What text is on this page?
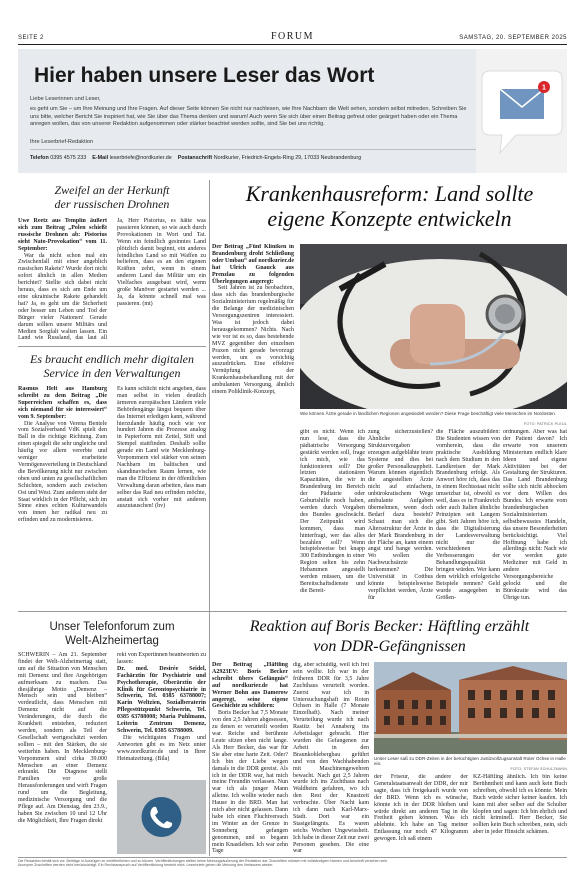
SEITE 2	FORUM	SAMSTAG, 20. SEPTEMBER 2025
Hier haben unsere Leser das Wort
Liebe Leserinnen und Leser,
es geht um Sie – um Ihre Meinung und Ihre Fragen. Auf dieser Seite können Sie nicht nur nachlesen, wie Ihre Nachbarn die Welt sehen, sondern selbst mitreden. Schreiben Sie uns bitte, welcher Bericht Sie inspiriert hat, wie Sie über das Thema denken und warum! Auch wenn Sie sich über einen Beitrag gefreut oder geärgert haben oder ein Thema anregen wollen, das von unserer Redaktion aufgenommen oder stärker beachtet werden sollte, sind Sie bei uns richtig.
Ihre Leserbrief-Redaktion
Telefon 0395 4575 233 E-Mail leserbriefe@nordkurier.de Postanschrift Nordkurier, Friedrich-Engels-Ring 29, 17033 Neubrandenburg
1
Zweifel an der Herkunft
der russischen Drohnen

Uwe Reetz aus Templin äußert sich zum Beitrag „Polen schießt russische Drohnen ab: Pistorius sieht Nato-Provokation“ vom 11. September:

War da nicht schon mal ein Zwischenfall mit einer angeblich russischen Rakete? Wurde dort nicht sofort ähnlich in allen Medien berichtet? Stellte sich dabei nicht heraus, dass es sich am Ende um eine ukrainische Rakete gehandelt hat? Ja, es geht um die Sicherheit oder besser um Leben und Tod der Bürger vieler Nationen! Gerade darum sollten unsere Militärs und Medien Sorgfalt walten lassen. Ein Land wie Russland, das laut all

Ja, Herr Pistorius, es hätte was passieren können, so wie auch durch Provokationen in Wort und Tat. Wenn ein feindlich gesinntes Land plötzlich damit beginnt, ein anderes feindliches Land so mit Waffen zu beliefern, dass es an den eigenen Kräften zehrt, wenn in einem anderen Land das Militär um ein Vielfaches ausgebaut wird, wenn große Manöver gestartet werden ... Ja, da könnte schnell mal was passieren. (mt)

Es braucht endlich mehr digitalen
Service in den Verwaltungen

Rasmus Helt aus Hamburg schreibt zu dem Beitrag „Die Superreichen schaffen es, dass sich niemand für sie interessiert“ vom 9. September:

Die Analyse von Verena Bentele vom Sozialverband VdK spielt den Ball in die richtige Richtung. Zum einen spiegelt die sehr ungleiche und häufig vor allem vererbte und weniger erarbeitete Vermögensverteilung in Deutschland die Bevölkerung nicht nur zwischen oben und unten zu gesellschaftlichen Schichten, sondern auch zwischen Ost und West. Zum anderen steht der Staat wirklich in der Pflicht, sich im Sinne eines echten Kulturwandels von innen her radikal neu zu erfinden und zu modernisieren.

Es kann schlicht nicht angehen, dass man selbst in vielen deutlich ärmeren europäischen Ländern viele Behördengänge längst bequem über das Internet erledigen kann, während hierzulande häufig noch wie vor hundert Jahren die Prozesse analog in Papierform mit Zettel, Stift und Stempel stattfinden. Deshalb sollte gerade ein Land wie Mecklenburg-Vorpommern viel stärker von seinen Nachbarn im baltischen und skandinavischen Raum lernen, wie man die Effizienz in der öffentlichen Verwaltung daran arbeiten, dass man selber das Rad neu erfinden möchte, anstatt sich vorher mit anderen auszutauschen! (hv)

Krankenhausreform: Land sollte
eigene Konzepte entwickeln

Der Beitrag „Fünf Kliniken in Brandenburg droht Schließung oder Umbau“ auf nordkurier.de hat Ulrich Gnauck aus Prenzlau zu folgenden Überlegungen angeregt:

Seit Jahren ist zu beobachten, dass sich das brandenburgische Sozialministerium regelmäßig für die Belange der medizinischen Versorgungszentren interessiert. Was ist jedoch dabei herausgekommen? Nichts. Nach wie vor ist es so, dass bestehende MVZ gegenüber den einzelnen Praxen nicht gerade bevorzugt werden, um es vorsichtig auszudrücken. Eine effektive Vernüpfung der Krankenhausbehandlung mit der ambulanten Versorgung, ähnlich einem Poliklinik-Konzept,

Wie können Ärzte gerade in ländlichen Regionen angesiedelt werden? Diese Frage beschäftigt viele Menschen im Nordosten.
FOTO: PATRICK PLEUL

gibt es nicht. Wenn ich nun lese, dass die pädiatrische Versorgung gestärkt werden soll, frage ich mich, wie das funktionieren soll? Die letzten stationären Kapazitäten, die wir in Brandenburg im Bereich der Pädiatrie oder Geburtshilfe noch haben, werden durch Vorgaben des Bundes geschwächt. Der Zeitpunkt wird kommen, dass man hinterfragt, wer das alles bezahlen soll? Wenn beispielsweise bei knapp 300 Entbindungen in einer Region selten bis zehn Hebammen angestellt werden müssen, um die Bereitschaftsdienste und die Bereit-

zung sicherzustellen? Ähnliche Strukturvorgaben erzeugen aufgeblähte teure Systeme und dies bei großer Personalknappheit. Warum können eigentlich die angestellten Ärzte nicht auf einfachem, unbürokratischem Wege ambulante Aufgaben übernehmen, wenn doch Bedarf dazu besteht? Schaut man sich die Altersstruktur der Ärzte in der Mark Brandenburg in der Fläche an, kann einem angst und bange werden. Wo wollen die Nachwuchsärzte herkommen? Die Universität in Cottbus könnte beispielsweise verpflichtet werden, Ärzte für

die Fläche auszubilden: Die Studenten wissen von vornherein, dass die praktische Ausbildung nach dem Studium in den Landkreisen der Mark Brandenburg erfolgt. Als Anwort höre ich, dass das in einem Rechtsstaat nicht umsetzbar ist, obwohl es weil, dass es in Frankreich oder auch Italien ähnliche Prinzipien seit Langem gibt. Seit Jahren höre ich, dass die Digitalisierung der Landesverwaltung nicht nur die verschiedenen Verbesserungen der Behandlungsqualität bringen würden. Wer kann dem wirklich erfolgreiche Beispiele nennen? Geld wurde ausgegeben in Größen-

ordnungen. Aber was hat der Patient davon? Ich erwarte von unserem Ministerium endlich klare Ideen und eigene Aktivitäten bei der Gestaltung der Strukturen. Das Land Brandenburg sollte sich nicht abhocken vor dem Willen des Bundes. Ich erwarte vom brandenburgischen Sozialministerium selbstbewusstes Handeln, das unsere Besonderheiten berücksichtigt. Viel Hoffnung habe ich allerdings nicht: Nach wie vor werden gute Mediziner mit Geld in andere Versorgungsbereiche gelockt und die Bürokratie wird das Übrige tun.

Unser Telefonforum zum
Welt-Alzheimertag

SCHWERIN – Am 21. September findet der Welt-Alzheimertag statt, um auf die Situation von Menschen mit Demenz und ihre Angehörigen aufmerksam zu machen. Das diesjährige Motto „Demenz – Mensch sein und bleiben“ verdeutlicht, dass Menschen mit Demenz nicht auf die Veränderungen, die durch die Krankheit entstehen, reduziert werden, sondern als Teil der Gesellschaft wertgeschätzt werden sollten – mit den Stärken, die sie weiterhin haben. In Mecklenburg-Vorpommern sind cirka 39.000 Menschen an einer Demenz erkrankt. Die Diagnose stellt Familien vor große Herausforderungen und wirft Fragen rund um die Begleitung, medizinische Versorgung und die Pflege auf. Am Dienstag, den 23.9., haben Sie zwischen 10 und 12 Uhr die Möglichkeit, Ihre Fragen direkt

rekt von Expertinnen beantworten zu lassen:

Dr. med. Desirée Seidel, Fachärztin für Psychiatrie und Psychotherapie, Oberärztin der Klinik für Gerontopsychiatrie in Schwerin, Tel. 0385 63788007; Karin Weltzien, Sozialberaterin Pflegestützpunkt Schwerin, Tel. 0385 63788008; Maria Puhlmann, Leiterin Zentrum Demenz, Schwerin, Tel. 0385 63788009.

Die wichtigsten Fragen und Antworten gibt es im Netz unter www.nordkurier.de und in Ihrer Heimatzeitung. (Bila)

Reaktion auf Boris Becker: Häftling erzählt
von DDR-Gefängnissen

Der Beitrag „Häftling A2923EV: Boris Becker schreibt übers Gefängnis“ auf nordkurier.de hat Werner Bohn aus Damerow angeregt, seine eigene Geschichte zu schildern:

Boris Becker hat 7,5 Monate von den 2,5 Jahren abgesessen, zu denen er verurteilt worden war. Reiche und berühmte Leute sitzen eben nicht lange. Als Herr Becker, das war für Sie aber eine harte Zeit. Oder? Ich bin der Liebe wegen damals in die DDR gereist. Als ich in der DDR war, hat mich meine Freundin verlassen. Nun war ich als junger Mann alleine. Ich wollte wieder nach Hause in die BRD. Man hat mich aber nicht gelassen. Dann habe ich einen Fluchtversuch im Winter an der Grenze in Sonneberg gefangen genommen, und so begann mein Knastleben. Ich war zehn Tage

dig, aber schuldig, weil ich frei sein wollte. Ich war in der früheren DDR für 3,5 Jahre Zuchthaus verurteilt worden. Zuerst war ich in Untersuchungshaft im Roten Ochsen in Halle (7 Monate Einzelhaft). Nach meiner Verurteilung wurde ich nach Rastitz bei Annaberg ins Arbeitslager gebracht. Hier wurden die Gefangenen zur Arbeit in den Braunkohlebergbau geführt und von den Wachhabenden mit Maschinengewehren bewacht. Nach gut 2,5 Jahren wurde ich ins Zuchthaus nach Waldheim gefahren, wo ich den Rest der Knastzeit verbrachte. Über Nacht kam ich dann nach Karl-Marx-Stadt. Dort war ein Stasigefängnis. Es waren seichs Wochen Ungewissheit. Ich habe in dieser Zeit nur zwei Personen gesehen. Die eine war

Unser Leser saß zu DDR-Zeiten in der berüchtigten Justizvollzugsanstalt Roter Ochse in Halle ein.
FOTO: STEFAN SCHULZMANN

der Friseur, die andere der Generalstaatsanwalt der DDR, der mir sagte, dass ich freigekauft wurde von der BRD. Wenn ich es wünsche, könnte ich in der DDR bleiben und würde direkt am anderen Tag in die Freiheit gehen können. Was ich ablehnte. Ich habe an Tag meiner Entlassung nur noch 47 Kilogramm gewogen. Ich saß einem

KZ-Häftling ähnlich. Ich bin keine Berühmtheit und kann auch kein Buch schreiben, obwohl ich es könnte. Mein Buch würde sicher keiner kaufen. Ich kann mit aber selber auf die Schulter klopfen und sagen: Ich bin ehrlich und nicht kriminell. Herr Becker, Sie sollten kein Buch schreiben, nein, sich aber in jeder Hinsicht schämen.

Die Redaktion behält sich vor, Beiträge in Auszügen zu veröffentlichen und zu kürzen. Veröffentlichungen stellen keine Meinungsäußerung der Redaktion dar. Zuschriften müssen mit vollständigem Namen und Anschrift versehen sein.
Anonyme Zuschriften werden nicht berücksichtigt. Ein Rechtsanspruch auf Veröffentlichung besteht nicht. Leserbriefe geben die Meinung des Verfassers wieder.
